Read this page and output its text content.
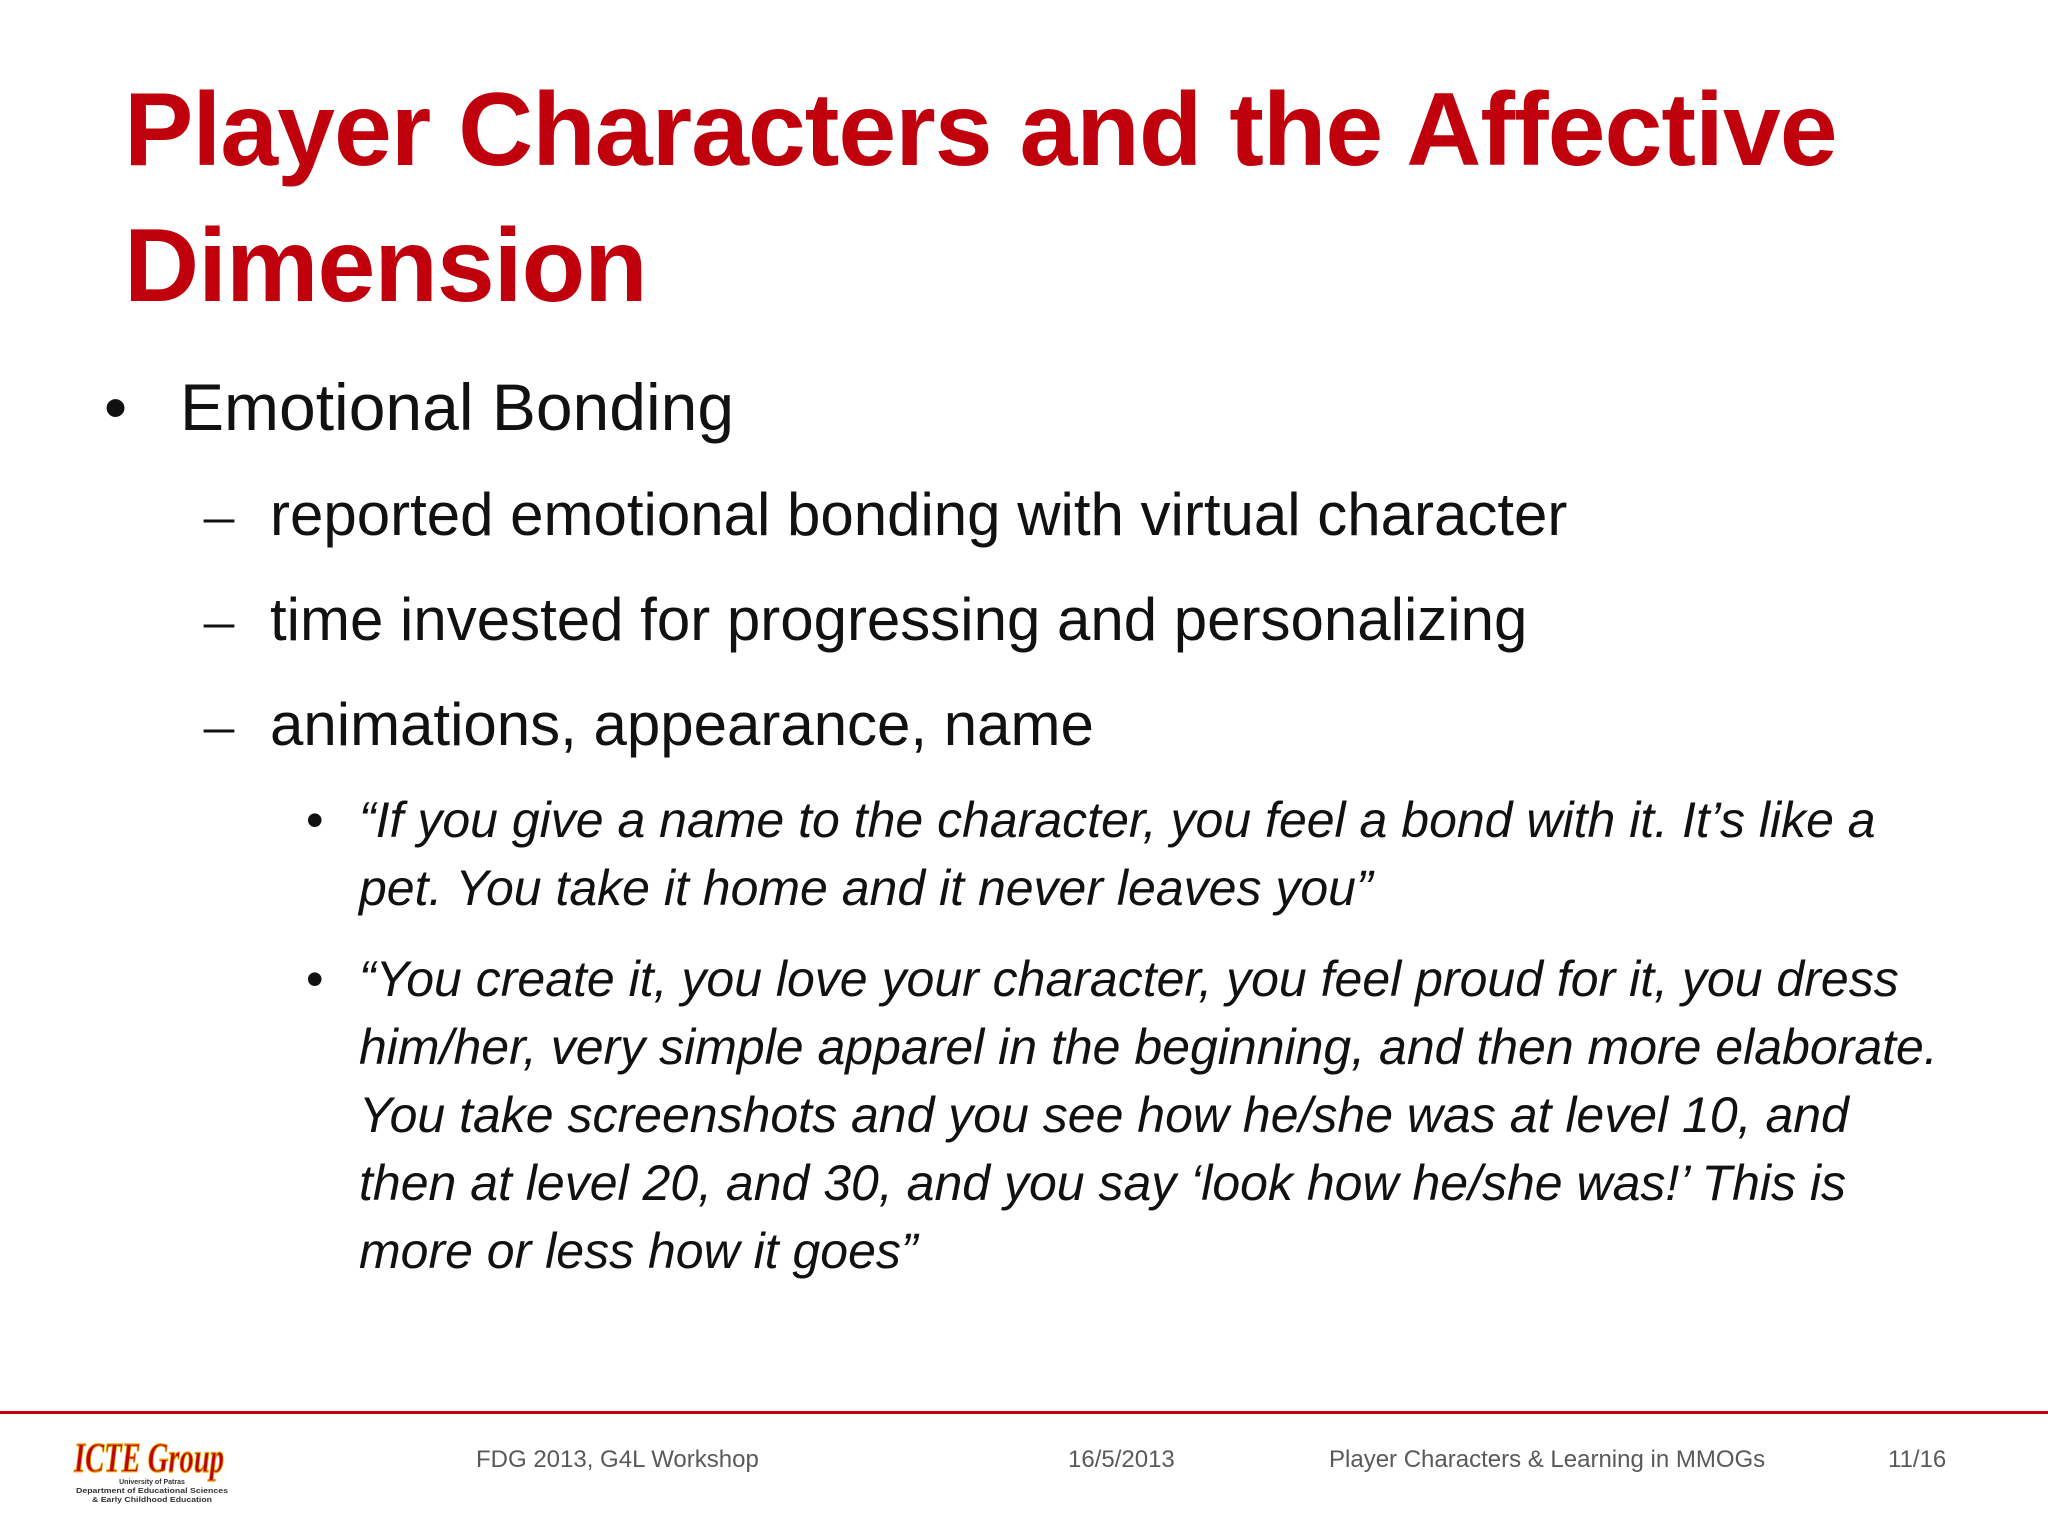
Player Characters and the Affective Dimension
• Emotional Bonding
– reported emotional bonding with virtual character
– time invested for progressing and personalizing
– animations, appearance, name
• “If you give a name to the character, you feel a bond with it. It’s like a pet. You take it home and it never leaves you”
• “You create it, you love your character, you feel proud for it, you dress him/her, very simple apparel in the beginning, and then more elaborate. You take screenshots and you see how he/she was at level 10, and then at level 20, and 30, and you say ‘look how he/she was!’ This is more or less how it goes”
ICTE Group
University of Patras
Department of Educational Sciences
& Early Childhood Education
FDG 2013, G4L Workshop	16/5/2013	Player Characters & Learning in MMOGs	11/16
